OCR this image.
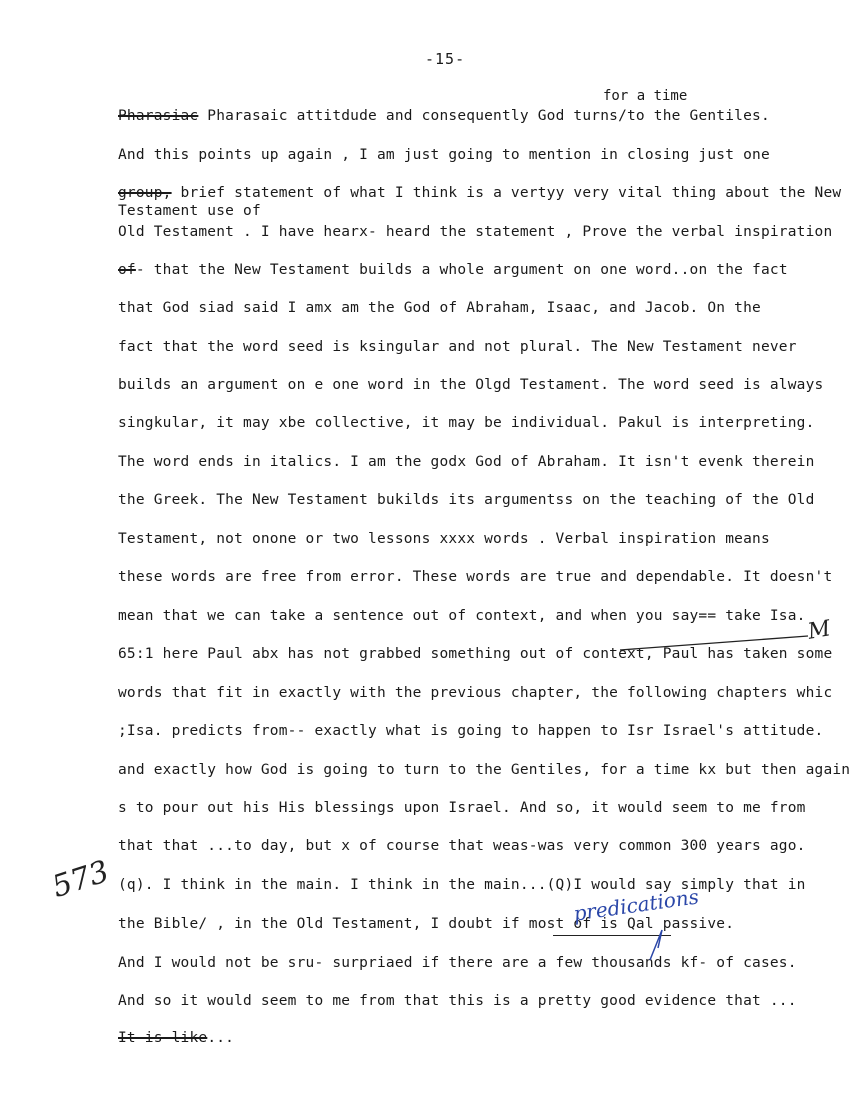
-15-
for a time
Pharasiac Pharasaic attitdude and consequently God turns/to the Gentiles.
And this points up again , I am just going to mention in closing just one
group, brief statement of what I think is a vertyy very vital thing about the New
Testament use of
Old Testament . I have hearx- heard the statement , Prove the verbal inspiration
of- that the New Testament builds a whole argument on one word..on the fact
that God siad said I amx am the God of Abraham, Isaac, and Jacob. On the
fact that the word seed is ksingular and not plural. The New Testament never
builds an argument on e one word in the Olgd Testament. The word seed is always
singkular, it may xbe collective, it may be individual. Pakul is interpreting.
The word ends in italics. I am the godx God of Abraham. It isn't evenk therein
the Greek. The New Testament bukilds its argumentss on the teaching of the Old
Testament, not onone or two lessons xxxx words . Verbal inspiration means
these words are free from error. These words are true and dependable. It doesn't
mean that we can take a sentence out of context, and when you say== take Isa.
65:1 here Paul abx has not grabbed something out of context, Paul has taken some
words that fit in exactly with the previous chapter, the following chapters whic
;Isa. predicts from-- exactly what is going to happen to Isr Israel's attitude.
and exactly how God is going to turn to the Gentiles, for a time kx but then again
s to pour out his His blessings upon Israel. And so, it would seem to me from
that that ...to day, but x of course that weas-was very common 300 years ago.
(q). I think in the main. I think in the main...(Q)I would say simply that in
the Bible/ , in the Old Testament, I doubt if most of is Qal passive.
And I would not be sru- surpriaed if there are a few thousands kf- of cases.
And so it would seem to me from that this is a pretty good evidence that ...
It is like...
573
predications
M
